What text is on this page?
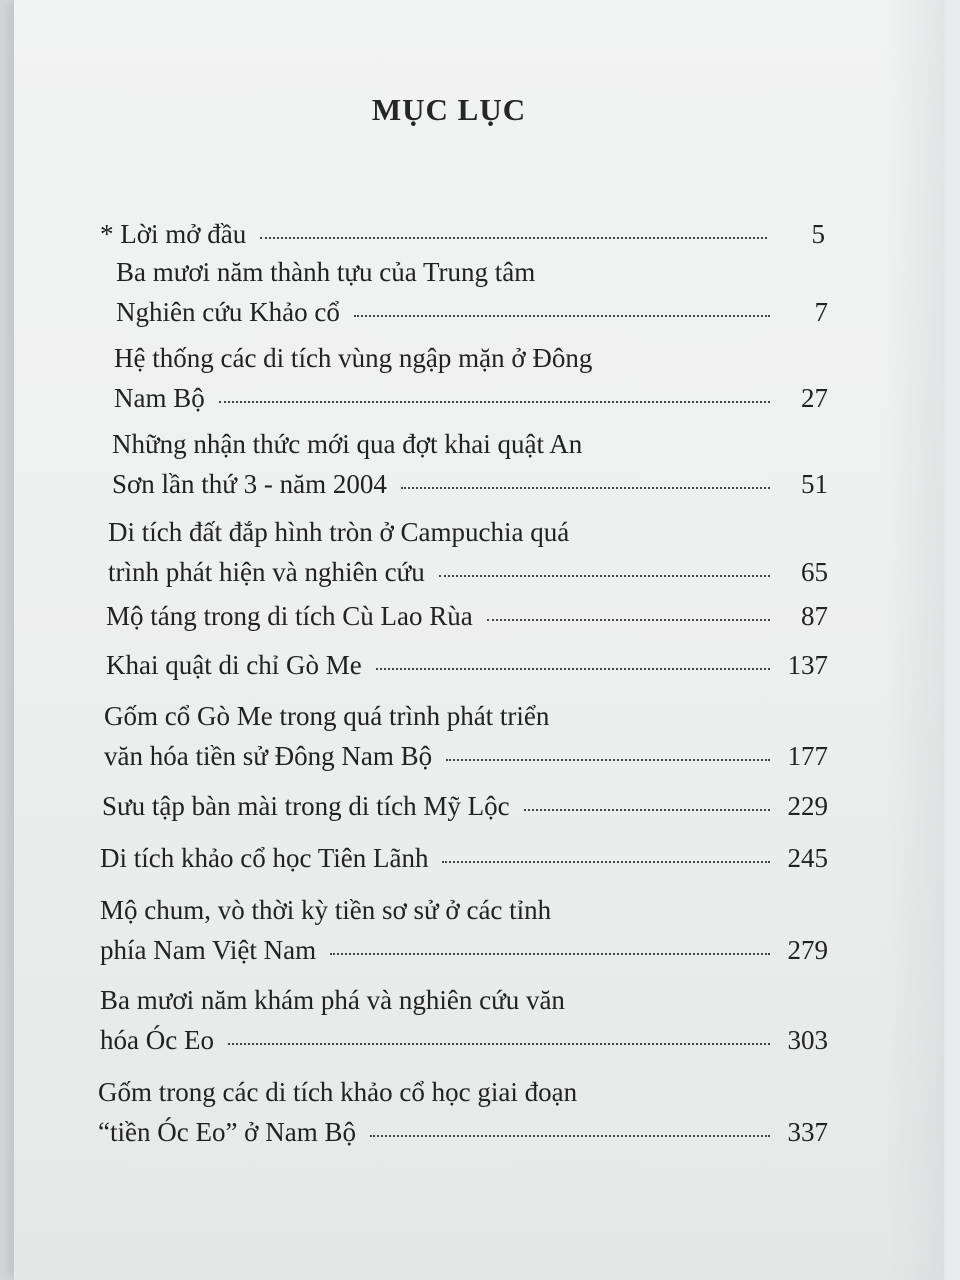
MỤC LỤC
* Lời mở đầu	5
Ba mươi năm thành tựu của Trung tâm
Nghiên cứu Khảo cổ	7
Hệ thống các di tích vùng ngập mặn ở Đông
Nam Bộ	27
Những nhận thức mới qua đợt khai quật An
Sơn lần thứ 3 - năm 2004	51
Di tích đất đắp hình tròn ở Campuchia quá
trình phát hiện và nghiên cứu	65
Mộ táng trong di tích Cù Lao Rùa	87
Khai quật di chỉ Gò Me	137
Gốm cổ Gò Me trong quá trình phát triển
văn hóa tiền sử Đông Nam Bộ	177
Sưu tập bàn mài trong di tích Mỹ Lộc	229
Di tích khảo cổ học Tiên Lãnh	245
Mộ chum, vò thời kỳ tiền sơ sử ở các tỉnh
phía Nam Việt Nam	279
Ba mươi năm khám phá và nghiên cứu văn
hóa Óc Eo	303
Gốm trong các di tích khảo cổ học giai đoạn
“tiền Óc Eo” ở Nam Bộ	337
